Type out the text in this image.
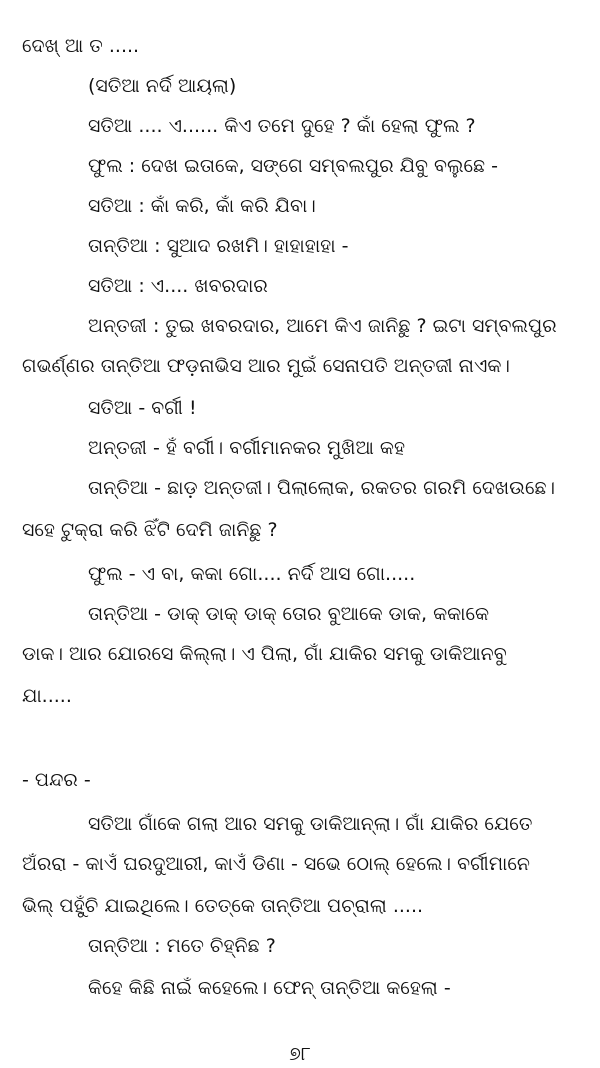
ଦେଖ୍ ଆ ତ .....
(ସତିଆ ନର୍ଦି ଆୟଲା)
ସତିଆ .... ଏ...... କିଏ ତମେ ଦୁହେ ? କାଁ ହେଲା ଫୁଲ ?
ଫୁଲ : ଦେଖ ଇତାକେ, ସଙ୍ଗେ ସମ୍ବଲପୁର ଯିବୁ ବଲୁଛେ -
ସତିଆ : କାଁ କରି, କାଁ କରି ଯିବା।
ତାନ୍ତିଆ : ସୁଆଦ ରଖମି। ହାହାହାହା -
ସତିଆ : ଏ.... ଖବରଦାର
ଅନ୍ତଜୀ : ତୁଇ ଖବରଦାର, ଆମେ କିଏ ଜାନିଛୁ ? ଇଟା ସମ୍ବଲପୁର
ଗଭର୍ଣ୍ଣର ତାନ୍ତିଆ ଫଡ଼ନାଭିସ ଆର ମୁଇଁ ସେନାପତି ଅନ୍ତଜୀ ନାଏକ।
ସତିଆ - ବର୍ଗୀ !
ଅନ୍ତଜୀ - ହଁ ବର୍ଗୀ। ବର୍ଗୀମାନକର ମୁଖିଆ କହ
ତାନ୍ତିଆ - ଛାଡ଼ ଅନ୍ତଜୀ। ପିଲାଲୋକ, ରକତର ଗରମି ଦେଖଉଛେ।
ସହେ ଟୁକ୍ରା କରି ଝିଁଟି ଦେମି ଜାନିଛୁ ?
ଫୁଲ - ଏ ବା, କକା ଗୋ.... ନର୍ଦି ଆସ ଗୋ.....
ତାନ୍ତିଆ - ଡାକ୍ ଡାକ୍ ଡାକ୍ ତୋର ବୁଆକେ ଡାକ, କକାକେ
ଡାକ। ଆର ଯୋରସେ କିଲ୍ଲା। ଏ ପିଲା, ଗାଁ ଯାକିର ସମକୁ ଡାକିଆନବୁ
ଯା.....
- ପନ୍ଦର -
ସତିଆ ଗାଁକେ ଗଲା ଆର ସମକୁ ଡାକିଆନ୍‌ଲା। ଗାଁ ଯାକିର ଯେତେ
ଅଁରରା - କାଏଁ ଘରଦୁଆରୀ, କାଏଁ ଡିଣା - ସଭେ ଠୋଲ୍ ହେଲେ। ବର୍ଗୀମାନେ
ଭିଲ୍ ପହୁଁଚି ଯାଇଥିଲେ। ତେତ୍‌କେ ତାନ୍ତିଆ ପଚ୍ରାଲା .....
ତାନ୍ତିଆ : ମତେ ଚିହ୍ନିଛ ?
କିହେ କିଛି ନାଇଁ କହେଲେ। ଫେନ୍ ତାନ୍ତିଆ କହେଲା -
୭୮
